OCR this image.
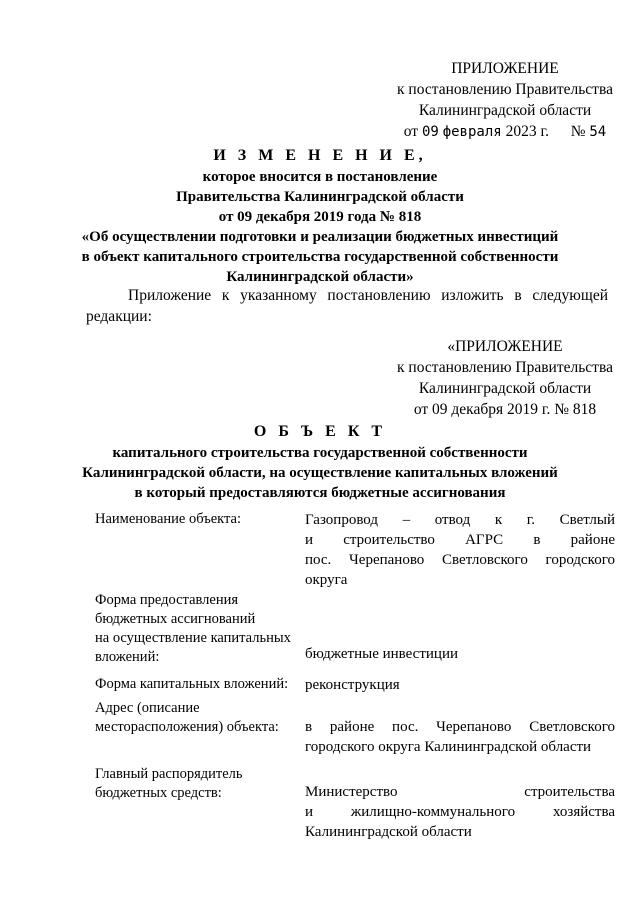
ПРИЛОЖЕНИЕ
к постановлению Правительства
Калининградской области
от 09 февраля 2023 г. № 54
И З М Е Н Е Н И Е,
которое вносится в постановление
Правительства Калининградской области
от 09 декабря 2019 года № 818
«Об осуществлении подготовки и реализации бюджетных инвестиций
в объект капитального строительства государственной собственности
Калининградской области»
Приложение к указанному постановлению изложить в следующей редакции:
«ПРИЛОЖЕНИЕ
к постановлению Правительства
Калининградской области
от 09 декабря 2019 г. № 818
О Б Ъ Е К Т
капитального строительства государственной собственности
Калининградской области, на осуществление капитальных вложений
в который предоставляются бюджетные ассигнования
Наименование объекта:	Газопровод – отвод к г. Светлый
и строительство АГРС в районе
пос. Черепаново Светловского городского
округа
Форма предоставления
бюджетных ассигнований
на осуществление капитальных
вложений:	бюджетные инвестиции
Форма капитальных вложений:	реконструкция
Адрес (описание
месторасположения) объекта:	в районе пос. Черепаново Светловского
городского округа Калининградской области
Главный распорядитель
бюджетных средств:	Министерство строительства
и жилищно-коммунального хозяйства
Калининградской области
